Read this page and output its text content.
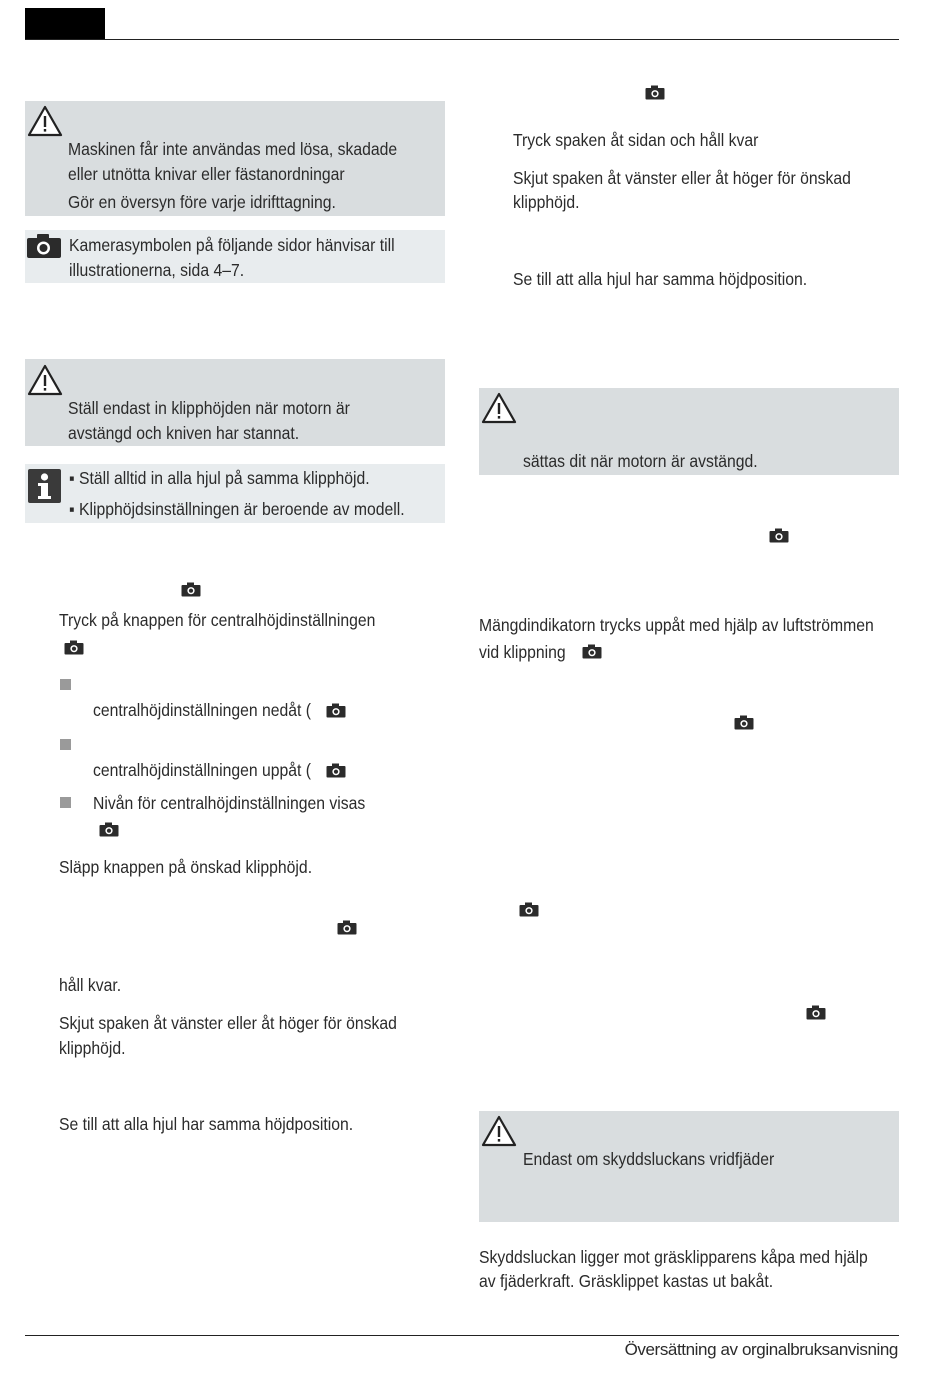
Maskinen får inte användas med lösa, skadade
eller utnötta knivar eller fästanordningar
Gör en översyn före varje idrifttagning.
Kamerasymbolen på följande sidor hänvisar till
illustrationerna, sida 4–7.
Ställ endast in klipphöjden när motorn är
avstängd och kniven har stannat.
▪ Ställ alltid in alla hjul på samma klipphöjd.
▪ Klipphöjdsinställningen är beroende av modell.
Tryck på knappen för centralhöjdinställningen
centralhöjdinställningen nedåt (
centralhöjdinställningen uppåt (
Nivån för centralhöjdinställningen visas
Släpp knappen på önskad klipphöjd.
håll kvar.
Skjut spaken åt vänster eller åt höger för önskad
klipphöjd.
Se till att alla hjul har samma höjdposition.
Tryck spaken åt sidan och håll kvar
Skjut spaken åt vänster eller åt höger för önskad
klipphöjd.
Se till att alla hjul har samma höjdposition.
sättas dit när motorn är avstängd.
Mängdindikatorn trycks uppåt med hjälp av luftströmmen
vid klippning
Endast om skyddsluckans vridfjäder
Skyddsluckan ligger mot gräsklipparens kåpa med hjälp
av fjäderkraft. Gräsklippet kastas ut bakåt.
Översättning av orginalbruksanvisning
